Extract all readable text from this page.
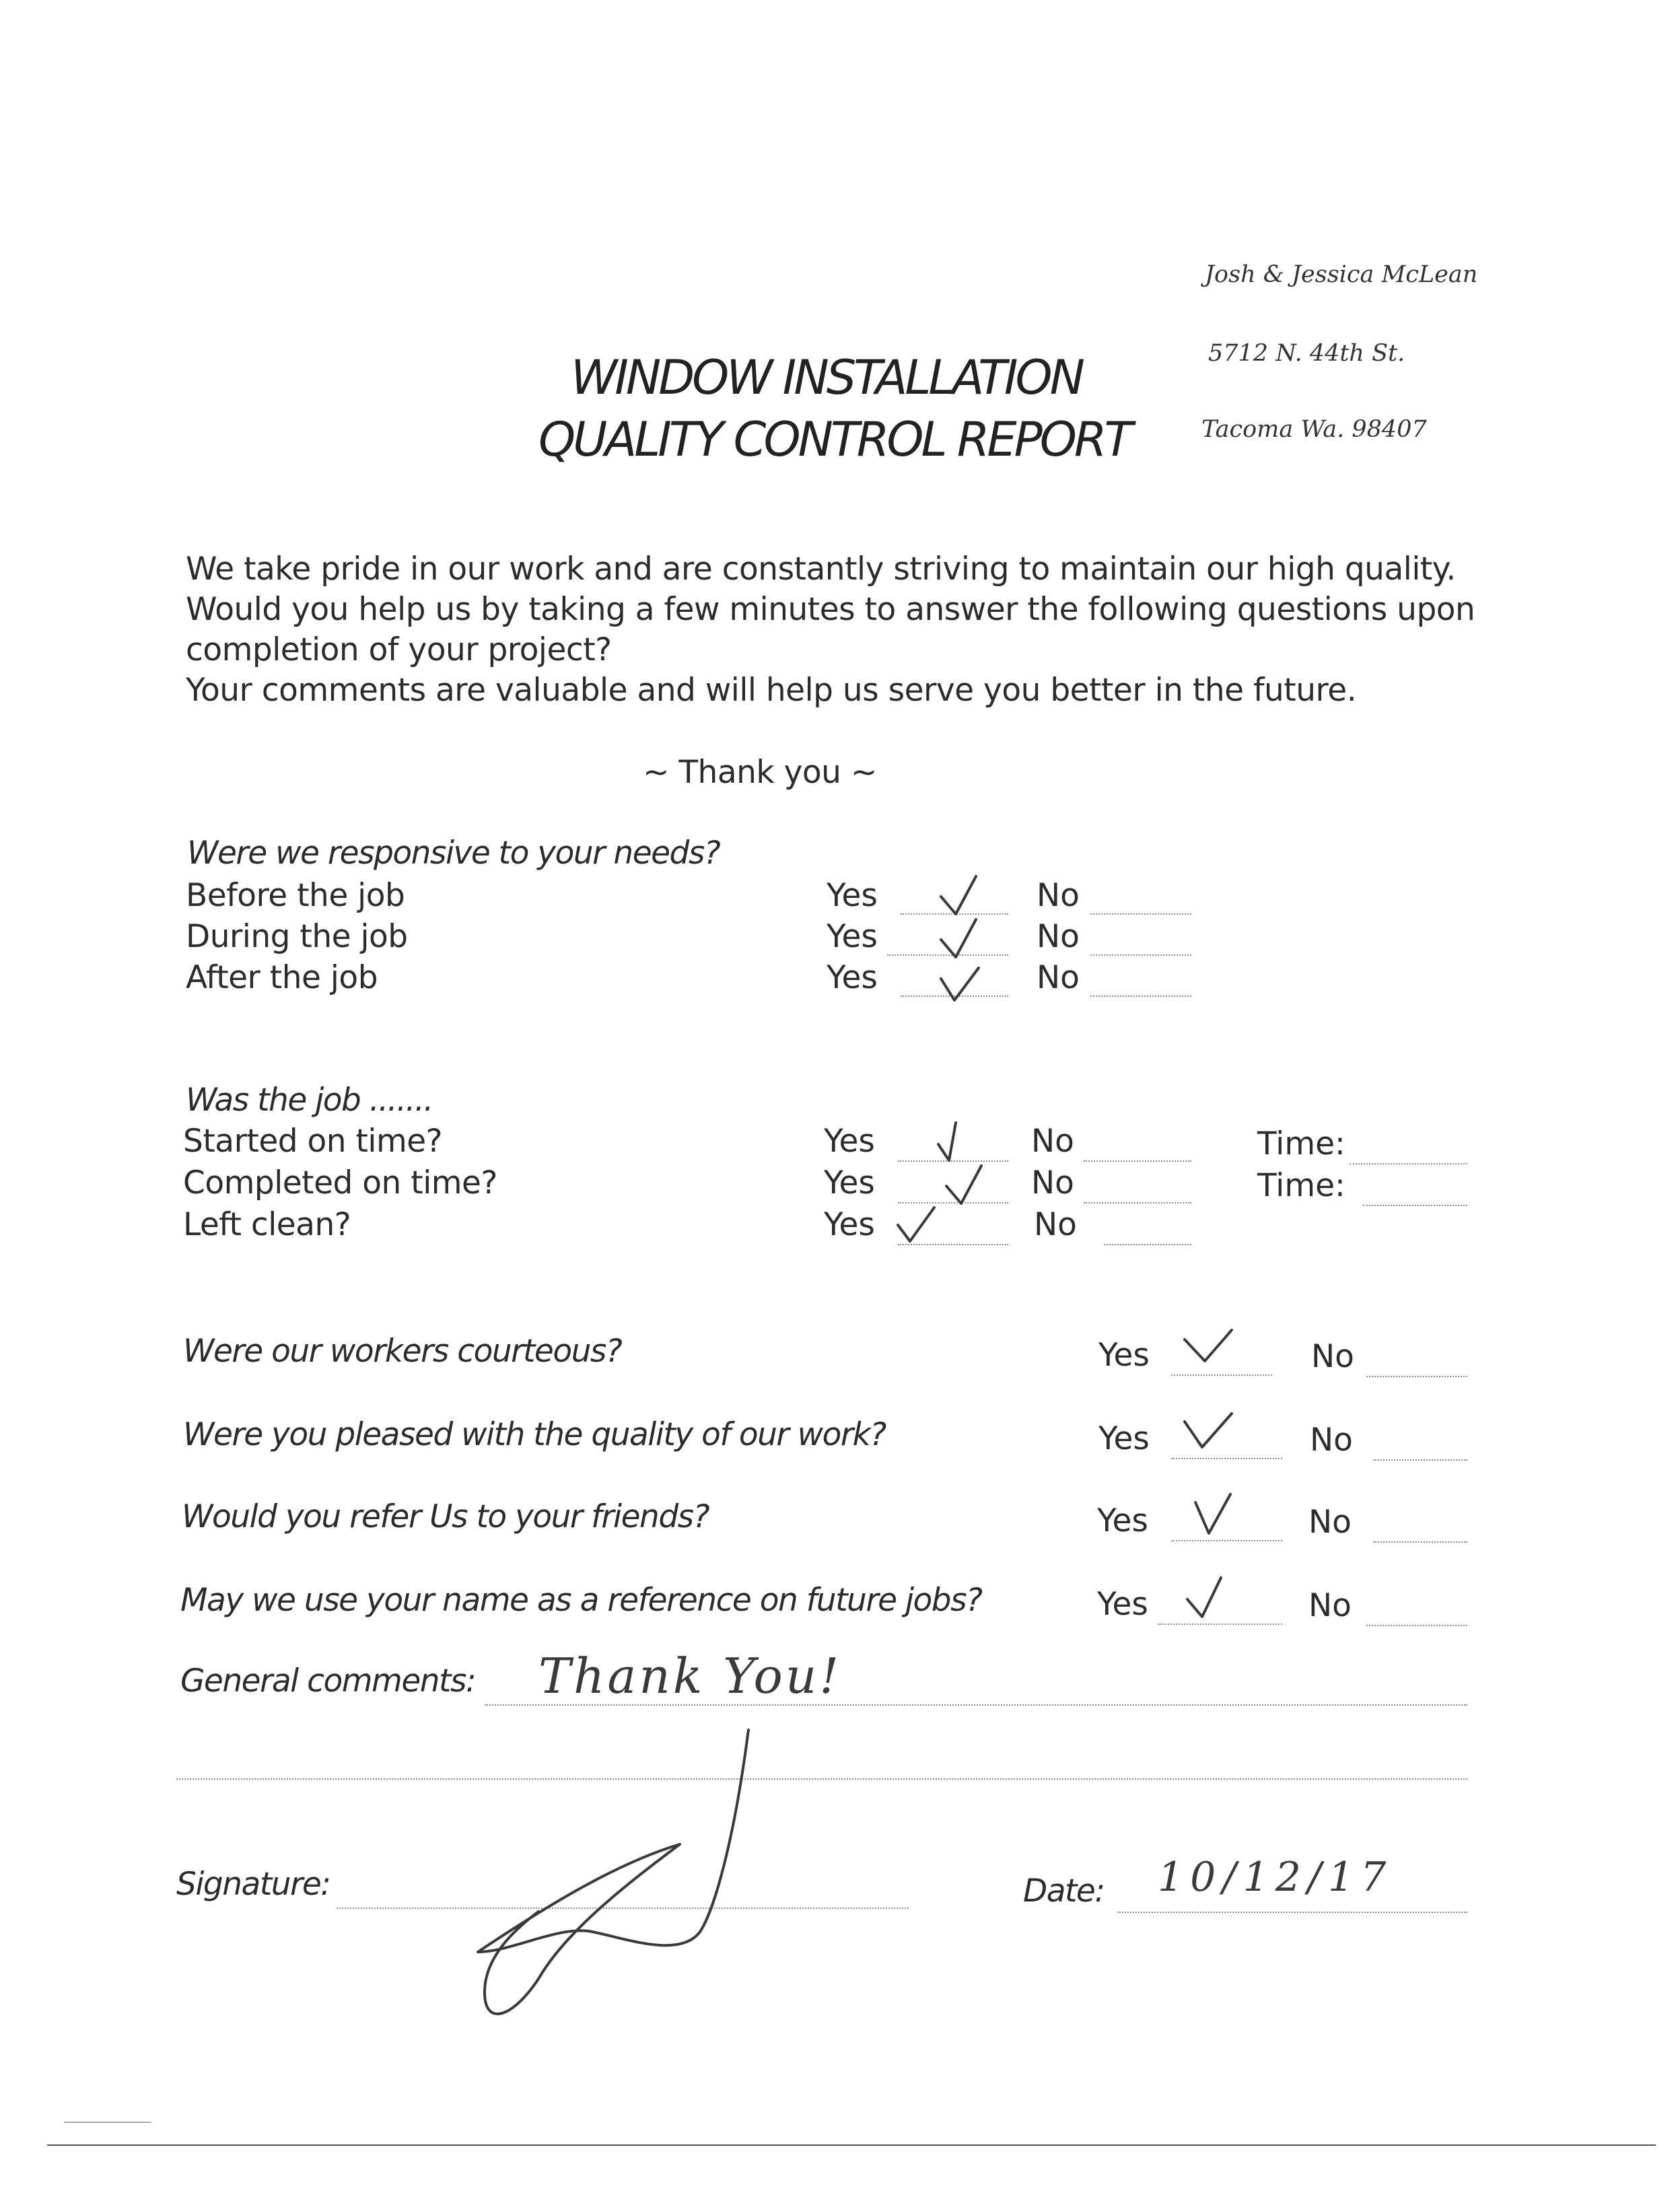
Josh & Jessica McLean
5712 N. 44th St.
Tacoma Wa. 98407
WINDOW INSTALLATION
QUALITY CONTROL REPORT
We take pride in our work and are constantly striving to maintain our high quality.
Would you help us by taking a few minutes to answer the following questions upon
completion of your project?
Your comments are valuable and will help us serve you better in the future.
~ Thank you ~
Were we responsive to your needs?
Before the job	Yes	No
During the job	Yes	No
After the job	Yes	No
Was the job .......
Started on time?	Yes	No	Time:
Completed on time?	Yes	No	Time:
Left clean?	Yes	No
Were our workers courteous?	Yes	No
Were you pleased with the quality of our work?	Yes	No
Would you refer Us to your friends?	Yes	No
May we use your name as a reference on future jobs?	Yes	No
General comments: Thank You!
Signature:	Date: 10/12/17
